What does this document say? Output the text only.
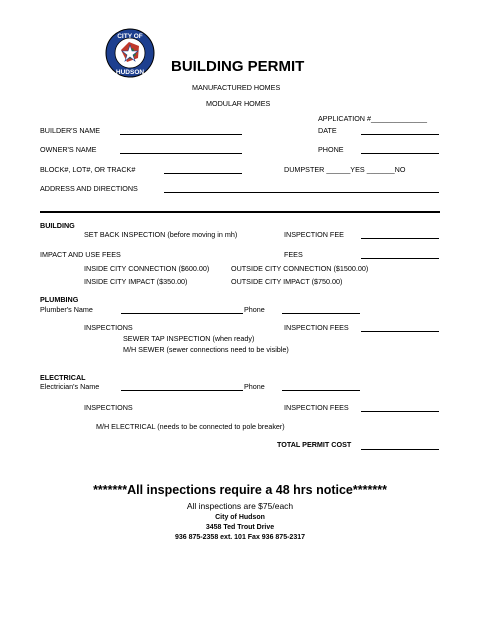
CITY OF
HUDSON BUILDING PERMIT
MANUFACTURED HOMES
MODULAR HOMES
APPLICATION #______________
BUILDER'S NAME	DATE
OWNER'S NAME	PHONE
BLOCK#, LOT#, OR TRACK#	DUMPSTER ______YES _______NO
ADDRESS AND DIRECTIONS
BUILDING
SET BACK INSPECTION (before moving in mh)	INSPECTION FEE
IMPACT AND USE FEES	FEES
INSIDE CITY CONNECTION ($600.00)	OUTSIDE CITY CONNECTION ($1500.00)
INSIDE CITY IMPACT ($350.00)	OUTSIDE CITY IMPACT ($750.00)
PLUMBING
Plumber's Name	Phone
INSPECTIONS	INSPECTION FEES
SEWER TAP INSPECTION (when ready)
M/H SEWER (sewer connections need to be visible)
ELECTRICAL
Electrician's Name	Phone
INSPECTIONS	INSPECTION FEES
M/H ELECTRICAL (needs to be connected to pole breaker)
TOTAL PERMIT COST
*******All inspections require a 48 hrs notice*******
All inspections are $75/each
City of Hudson
3458 Ted Trout Drive
936 875-2358 ext. 101 Fax 936 875-2317
